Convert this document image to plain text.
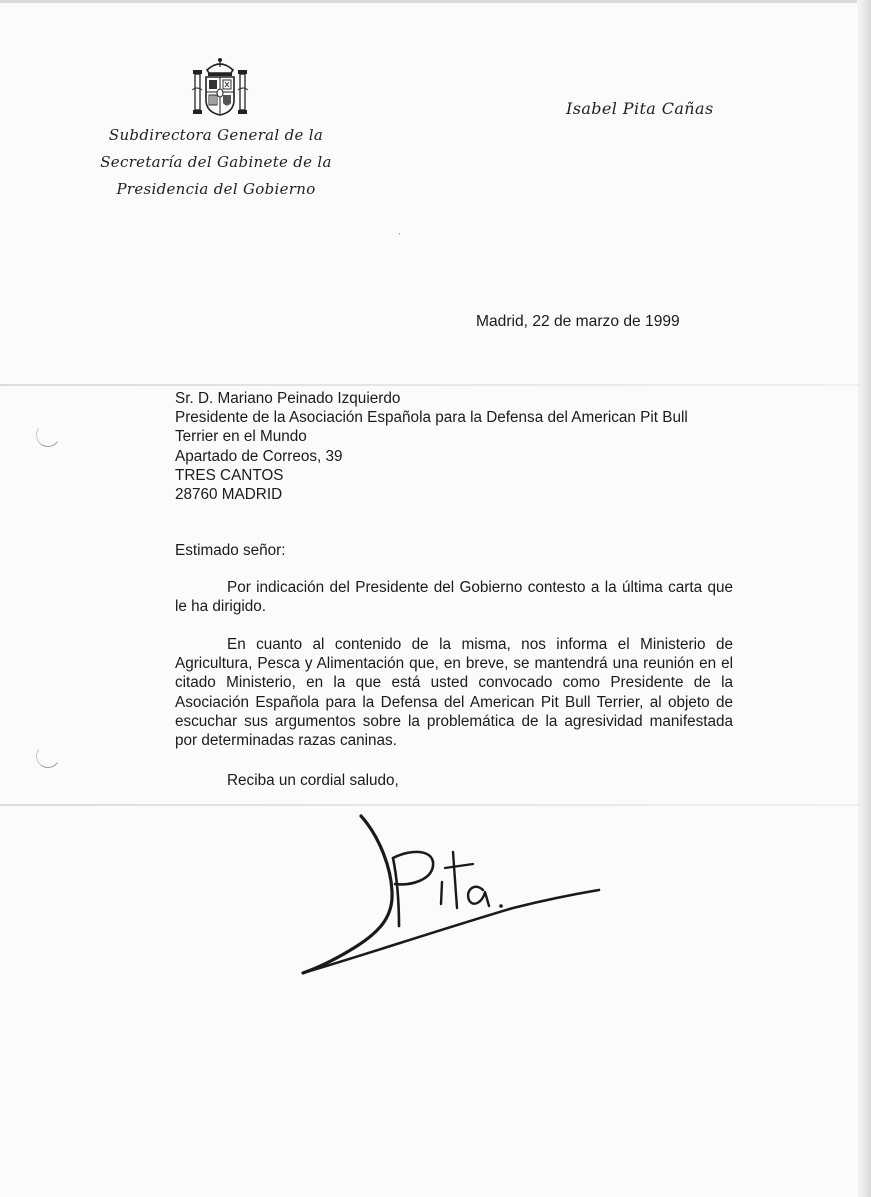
Subdirectora General de la
Secretaría del Gabinete de la
Presidencia del Gobierno
Isabel Pita Cañas
ˏ
Madrid, 22 de marzo de 1999
Sr. D. Mariano Peinado Izquierdo
Presidente de la Asociación Española para la Defensa del American Pit Bull
Terrier en el Mundo
Apartado de Correos, 39
TRES CANTOS
28760 MADRID
Estimado señor:

Por indicación del Presidente del Gobierno contesto a la última carta que le ha dirigido.

En cuanto al contenido de la misma, nos informa el Ministerio de Agricultura, Pesca y Alimentación que, en breve, se mantendrá una reunión en el citado Ministerio, en la que está usted convocado como Presidente de la Asociación Española para la Defensa del American Pit Bull Terrier, al objeto de escuchar sus argumentos sobre la problemática de la agresividad manifestada por determinadas razas caninas.

Reciba un cordial saludo,
